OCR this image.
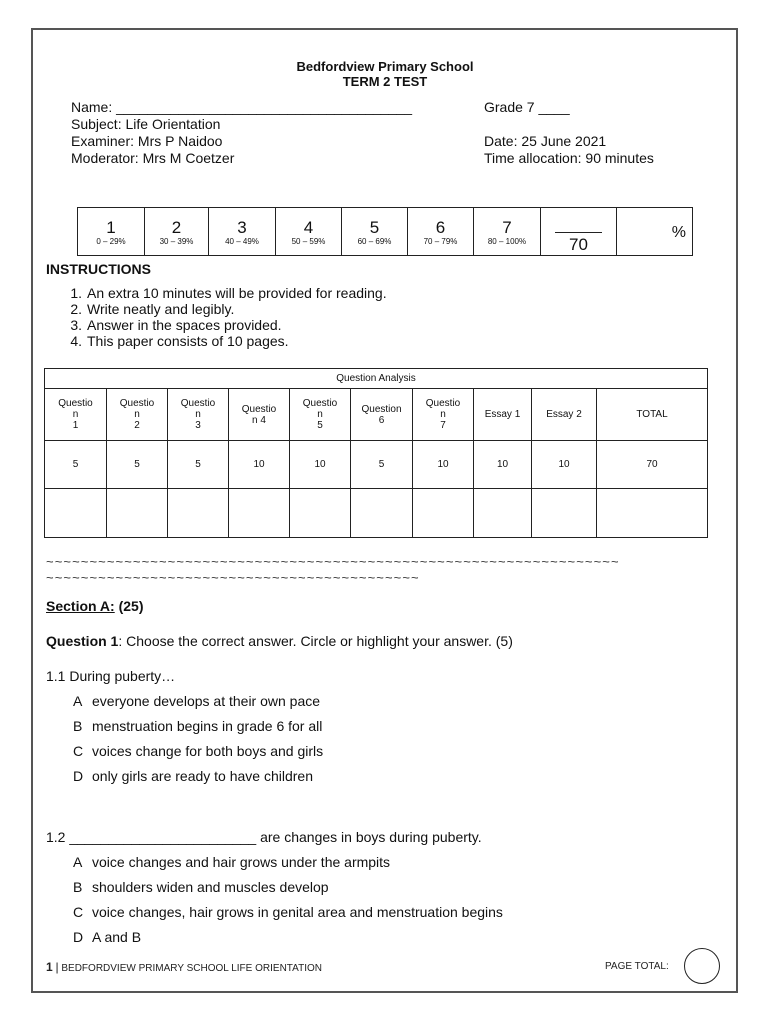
Bedfordview Primary School
TERM 2 TEST
Name: ______________________________________	Grade 7 ____
Subject: Life Orientation
Examiner: Mrs P Naidoo	Date: 25 June 2021
Moderator: Mrs M Coetzer	Time allocation: 90 minutes
1
0 – 29%

2
30 – 39%

3
40 – 49%

4
50 – 59%

5
60 – 69%

6
70 – 79%

7
80 – 100%	70

%
INSTRUCTIONS
1. An extra 10 minutes will be provided for reading.
2. Write neatly and legibly.
3. Answer in the spaces provided.
4. This paper consists of 10 pages.
Question Analysis									
Questio
n
1	Questio
n
2	Questio
n
3	Questio
n 4	Questio
n
5	Question
6	Questio
n
7	Essay 1	Essay 2	TOTAL
5	5	5	10	10	5	10	10	10	70

~~~~~~~~~~~~~~~~~~~~~~~~~~~~~~~~~~~~~~~~~~~~~~~~~~~~~~~~~~~~~~~~~~
~~~~~~~~~~~~~~~~~~~~~~~~~~~~~~~~~~~~~~~~~~~
Section A: (25)
Question 1: Choose the correct answer. Circle or highlight your answer. (5)
1.1 During puberty…
A everyone develops at their own pace
B menstruation begins in grade 6 for all
C voices change for both boys and girls
D only girls are ready to have children
1.2 ________________________ are changes in boys during puberty.
A voice changes and hair grows under the armpits
B shoulders widen and muscles develop
C voice changes, hair grows in genital area and menstruation begins
D A and B
1 | BEDFORDVIEW PRIMARY SCHOOL LIFE ORIENTATION	PAGE TOTAL:
